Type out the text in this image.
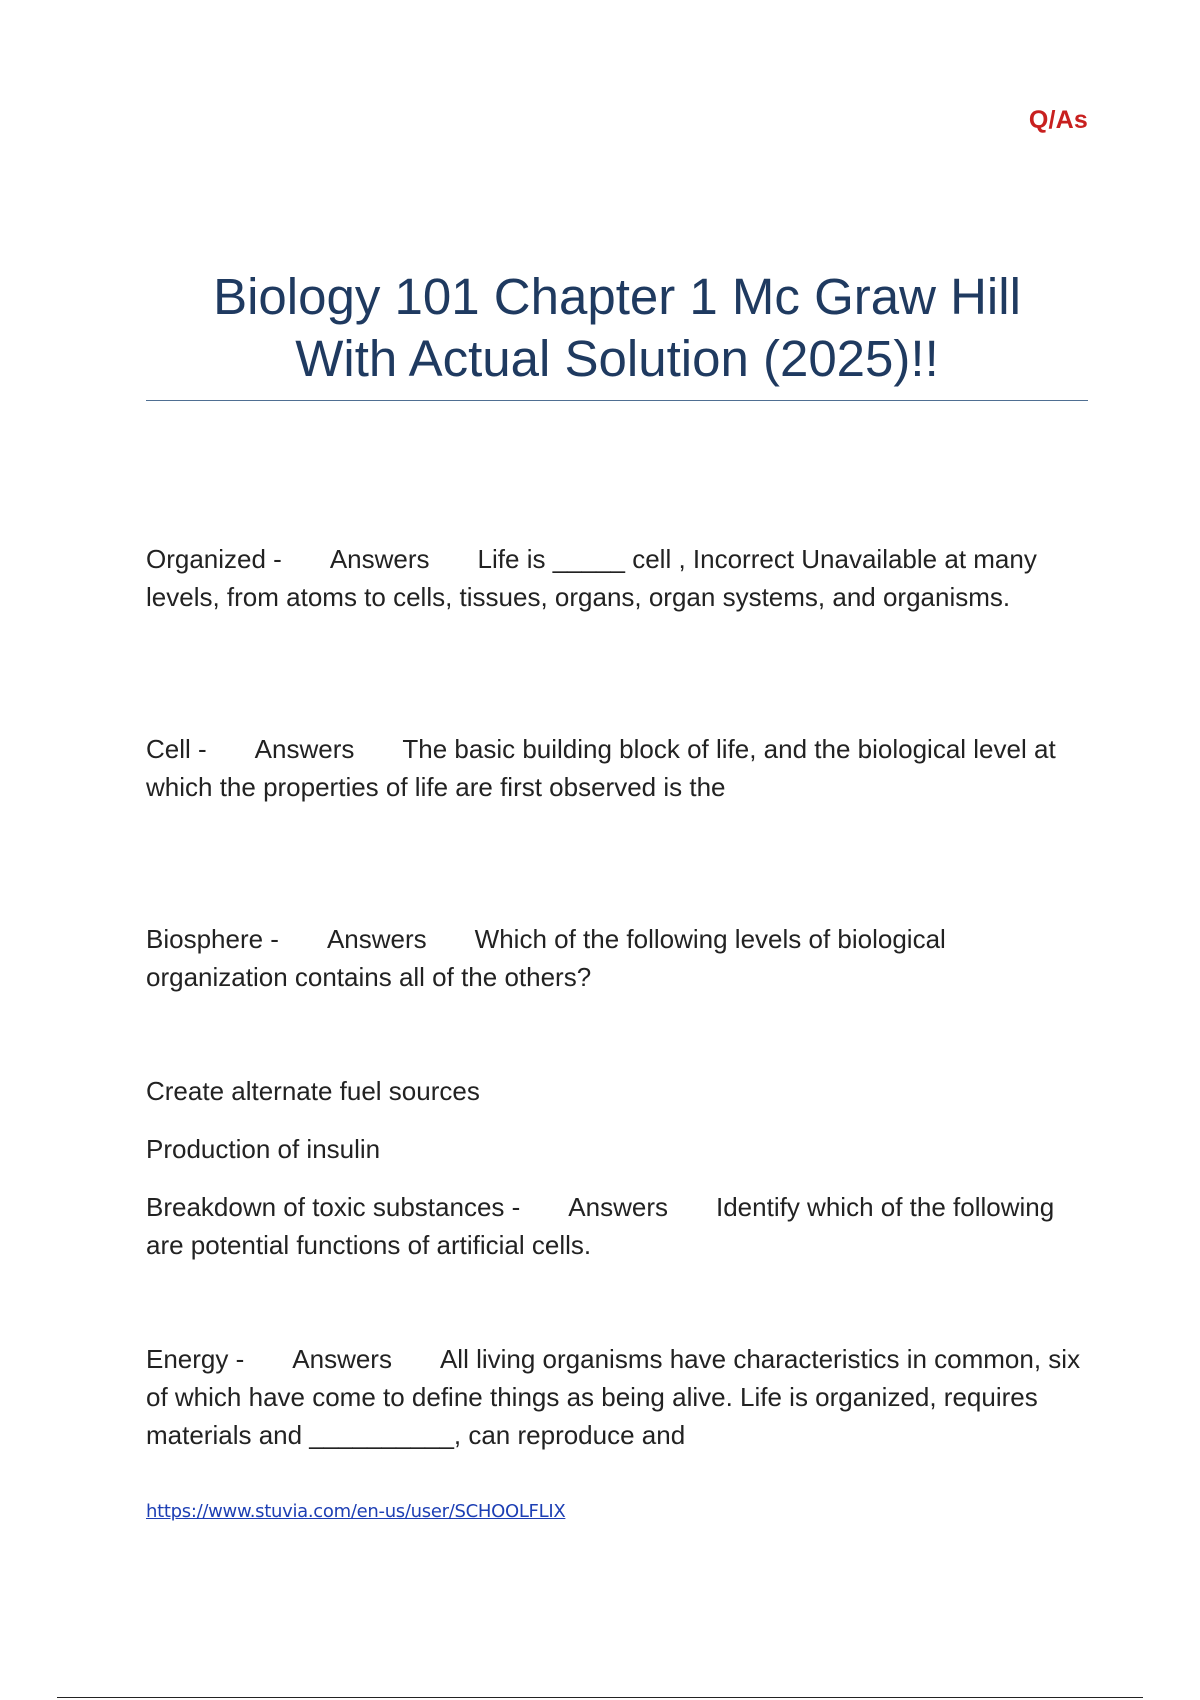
Q/As
Biology 101 Chapter 1 Mc Graw Hill
With Actual Solution (2025)!!
Organized - Answers Life is _____ cell , Incorrect Unavailable at many levels, from atoms to cells, tissues, organs, organ systems, and organisms.
Cell - Answers The basic building block of life, and the biological level at which the properties of life are first observed is the
Biosphere - Answers Which of the following levels of biological organization contains all of the others?
Create alternate fuel sources
Production of insulin
Breakdown of toxic substances - Answers Identify which of the following are potential functions of artificial cells.
Energy - Answers All living organisms have characteristics in common, six of which have come to define things as being alive. Life is organized, requires materials and __________, can reproduce and
https://www.stuvia.com/en-us/user/SCHOOLFLIX
